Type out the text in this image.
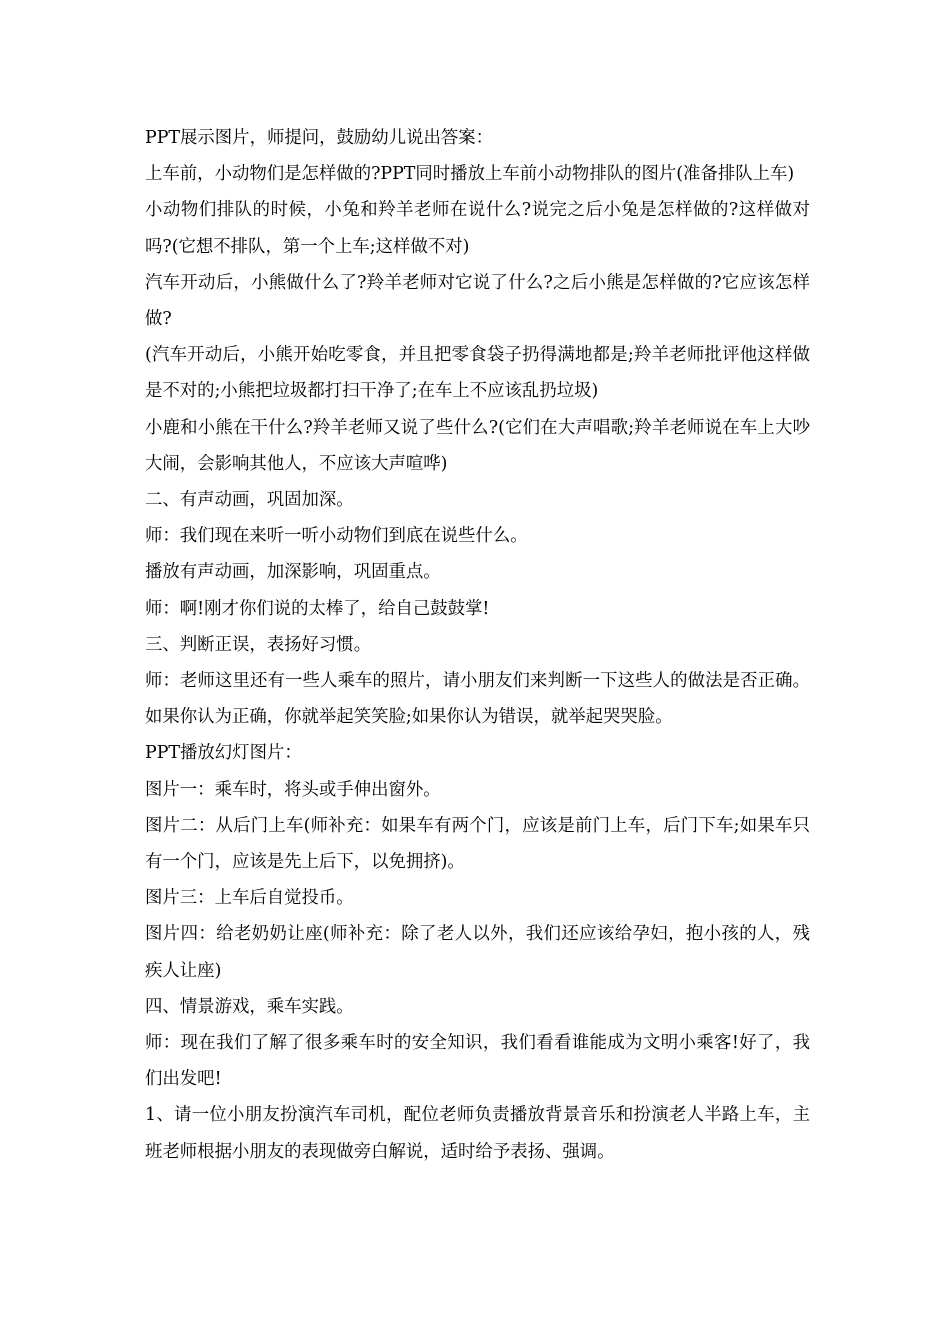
PPT展示图片，师提问，鼓励幼儿说出答案：

上车前，小动物们是怎样做的?PPT同时播放上车前小动物排队的图片(准备排队上车)

小动物们排队的时候，小兔和羚羊老师在说什么?说完之后小兔是怎样做的?这样做对吗?(它想不排队，第一个上车;这样做不对)

汽车开动后，小熊做什么了?羚羊老师对它说了什么?之后小熊是怎样做的?它应该怎样做?

(汽车开动后，小熊开始吃零食，并且把零食袋子扔得满地都是;羚羊老师批评他这样做是不对的;小熊把垃圾都打扫干净了;在车上不应该乱扔垃圾)

小鹿和小熊在干什么?羚羊老师又说了些什么?(它们在大声唱歌;羚羊老师说在车上大吵大闹，会影响其他人，不应该大声喧哗)

二、有声动画，巩固加深。

师：我们现在来听一听小动物们到底在说些什么。

播放有声动画，加深影响，巩固重点。

师：啊!刚才你们说的太棒了，给自己鼓鼓掌!

三、判断正误，表扬好习惯。

师：老师这里还有一些人乘车的照片，请小朋友们来判断一下这些人的做法是否正确。如果你认为正确，你就举起笑笑脸;如果你认为错误，就举起哭哭脸。

PPT播放幻灯图片：

图片一：乘车时，将头或手伸出窗外。

图片二：从后门上车(师补充：如果车有两个门，应该是前门上车，后门下车;如果车只有一个门，应该是先上后下，以免拥挤)。

图片三：上车后自觉投币。

图片四：给老奶奶让座(师补充：除了老人以外，我们还应该给孕妇，抱小孩的人，残疾人让座)

四、情景游戏，乘车实践。

师：现在我们了解了很多乘车时的安全知识，我们看看谁能成为文明小乘客!好了，我们出发吧!

1、请一位小朋友扮演汽车司机，配位老师负责播放背景音乐和扮演老人半路上车，主班老师根据小朋友的表现做旁白解说，适时给予表扬、强调。
